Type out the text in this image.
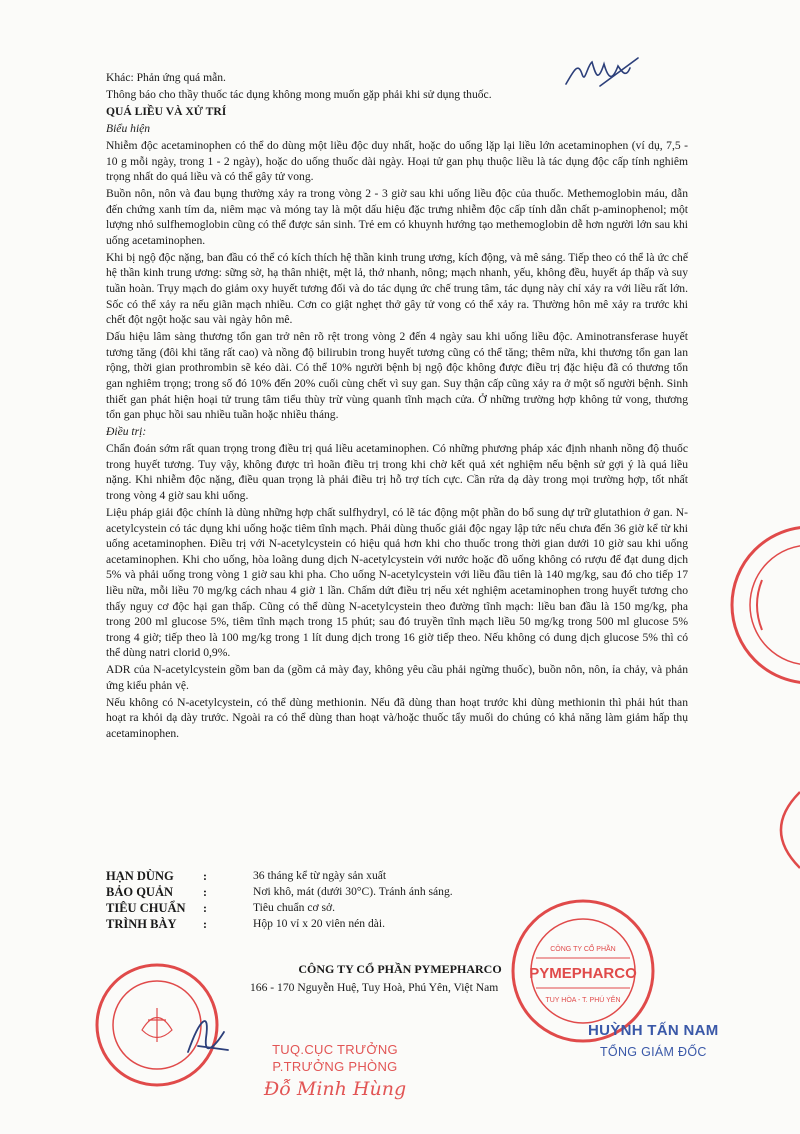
Khác: Phản ứng quá mẫn.

Thông báo cho thầy thuốc tác dụng không mong muốn gặp phải khi sử dụng thuốc.

QUÁ LIỀU VÀ XỬ TRÍ

Biểu hiện

Nhiễm độc acetaminophen có thể do dùng một liều độc duy nhất, hoặc do uống lặp lại liều lớn acetaminophen (ví dụ, 7,5 - 10 g mỗi ngày, trong 1 - 2 ngày), hoặc do uống thuốc dài ngày. Hoại tử gan phụ thuộc liều là tác dụng độc cấp tính nghiêm trọng nhất do quá liều và có thể gây tử vong.

Buồn nôn, nôn và đau bụng thường xảy ra trong vòng 2 - 3 giờ sau khi uống liều độc của thuốc. Methemoglobin máu, dẫn đến chứng xanh tím da, niêm mạc và móng tay là một dấu hiệu đặc trưng nhiễm độc cấp tính dẫn chất p-aminophenol; một lượng nhỏ sulfhemoglobin cũng có thể được sản sinh. Trẻ em có khuynh hướng tạo methemoglobin dễ hơn người lớn sau khi uống acetaminophen.

Khi bị ngộ độc nặng, ban đầu có thể có kích thích hệ thần kinh trung ương, kích động, và mê sảng. Tiếp theo có thể là ức chế hệ thần kinh trung ương: sững sờ, hạ thân nhiệt, mệt lả, thở nhanh, nông; mạch nhanh, yếu, không đều, huyết áp thấp và suy tuần hoàn. Trụy mạch do giảm oxy huyết tương đối và do tác dụng ức chế trung tâm, tác dụng này chỉ xảy ra với liều rất lớn. Sốc có thể xảy ra nếu giãn mạch nhiều. Cơn co giật nghẹt thở gây tử vong có thể xảy ra. Thường hôn mê xảy ra trước khi chết đột ngột hoặc sau vài ngày hôn mê.

Dấu hiệu lâm sàng thương tổn gan trở nên rõ rệt trong vòng 2 đến 4 ngày sau khi uống liều độc. Aminotransferase huyết tương tăng (đôi khi tăng rất cao) và nồng độ bilirubin trong huyết tương cũng có thể tăng; thêm nữa, khi thương tổn gan lan rộng, thời gian prothrombin sẽ kéo dài. Có thể 10% người bệnh bị ngộ độc không được điều trị đặc hiệu đã có thương tổn gan nghiêm trọng; trong số đó 10% đến 20% cuối cùng chết vì suy gan. Suy thận cấp cũng xảy ra ở một số người bệnh. Sinh thiết gan phát hiện hoại tử trung tâm tiểu thùy trừ vùng quanh tĩnh mạch cửa. Ở những trường hợp không tử vong, thương tổn gan phục hồi sau nhiều tuần hoặc nhiều tháng.

Điều trị:

Chẩn đoán sớm rất quan trọng trong điều trị quá liều acetaminophen. Có những phương pháp xác định nhanh nồng độ thuốc trong huyết tương. Tuy vậy, không được trì hoãn điều trị trong khi chờ kết quả xét nghiệm nếu bệnh sử gợi ý là quá liều nặng. Khi nhiễm độc nặng, điều quan trọng là phải điều trị hỗ trợ tích cực. Cần rửa dạ dày trong mọi trường hợp, tốt nhất trong vòng 4 giờ sau khi uống.

Liệu pháp giải độc chính là dùng những hợp chất sulfhydryl, có lẽ tác động một phần do bổ sung dự trữ glutathion ở gan. N-acetylcystein có tác dụng khi uống hoặc tiêm tĩnh mạch. Phải dùng thuốc giải độc ngay lập tức nếu chưa đến 36 giờ kể từ khi uống acetaminophen. Điều trị với N-acetylcystein có hiệu quả hơn khi cho thuốc trong thời gian dưới 10 giờ sau khi uống acetaminophen. Khi cho uống, hòa loãng dung dịch N-acetylcystein với nước hoặc đồ uống không có rượu để đạt dung dịch 5% và phải uống trong vòng 1 giờ sau khi pha. Cho uống N-acetylcystein với liều đầu tiên là 140 mg/kg, sau đó cho tiếp 17 liều nữa, mỗi liều 70 mg/kg cách nhau 4 giờ 1 lần. Chấm dứt điều trị nếu xét nghiệm acetaminophen trong huyết tương cho thấy nguy cơ độc hại gan thấp. Cũng có thể dùng N-acetylcystein theo đường tĩnh mạch: liều ban đầu là 150 mg/kg, pha trong 200 ml glucose 5%, tiêm tĩnh mạch trong 15 phút; sau đó truyền tĩnh mạch liều 50 mg/kg trong 500 ml glucose 5% trong 4 giờ; tiếp theo là 100 mg/kg trong 1 lít dung dịch trong 16 giờ tiếp theo. Nếu không có dung dịch glucose 5% thì có thể dùng natri clorid 0,9%.

ADR của N-acetylcystein gồm ban da (gồm cả mày đay, không yêu cầu phải ngừng thuốc), buồn nôn, nôn, ỉa chảy, và phản ứng kiểu phản vệ.

Nếu không có N-acetylcystein, có thể dùng methionin. Nếu đã dùng than hoạt trước khi dùng methionin thì phải hút than hoạt ra khỏi dạ dày trước. Ngoài ra có thể dùng than hoạt và/hoặc thuốc tẩy muối do chúng có khả năng làm giảm hấp thụ acetaminophen.

HẠN DÙNG	:	36 tháng kể từ ngày sản xuất
BẢO QUẢN	:	Nơi khô, mát (dưới 30°C). Tránh ánh sáng.
TIÊU CHUẨN	:	Tiêu chuẩn cơ sở.
TRÌNH BÀY	:	Hộp 10 vỉ x 20 viên nén dài.
CÔNG TY CỔ PHẦN PYMEPHARCO
166 - 170 Nguyễn Huệ, Tuy Hoà, Phú Yên, Việt Nam
PYMEPHARCO
CÔNG TY CỔ PHẦN
TUY HÒA - T. PHÚ YÊN
TUQ.CỤC TRƯỞNG
P.TRƯỞNG PHÒNG
Đỗ Minh Hùng
HUỲNH TẤN NAM
TỔNG GIÁM ĐỐC
